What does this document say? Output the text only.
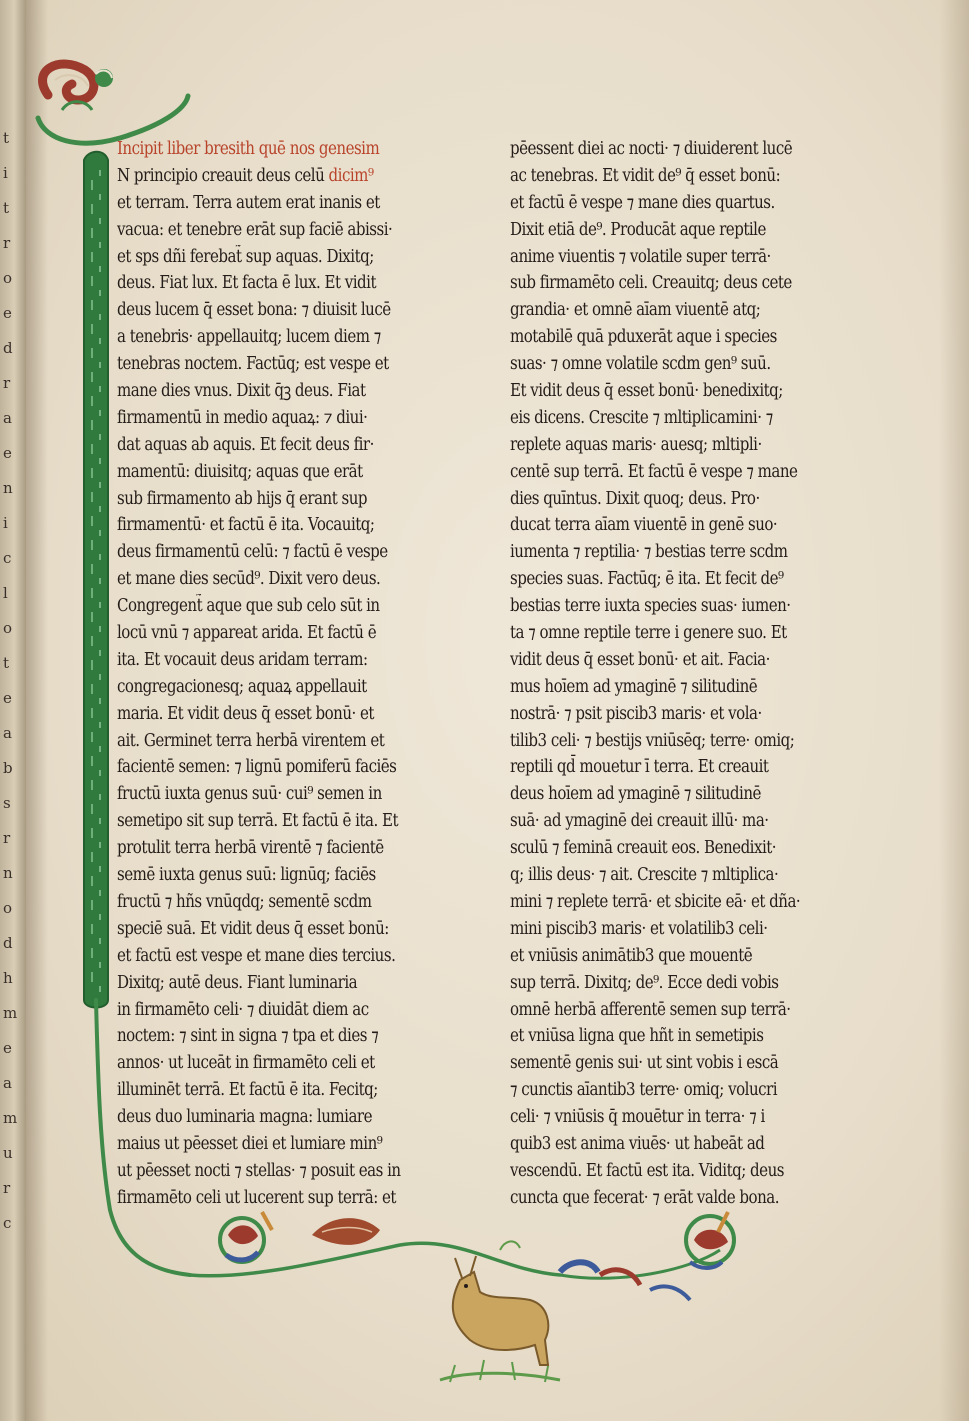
t
i
t
r
o
e
d
r
a
e
n
i
c
l
o
t
e
a
b
s
r
n
o
d
h
m
e
a
m
u
r
c
Incipit liber bresith quē nos genesim
N principio creauit deus celū dicim⁹
et terram. Terra autem erat inanis et
vacua: et tenebre erāt sup faciē abissi·
et sps dñi ferebat̃ sup aquas. Dixitq;
deus. Fiat lux. Et facta ē lux. Et vidit
deus lucem q̄ esset bona: ⁊ diuisit lucē
a tenebris· appellauitq; lucem diem ⁊
tenebras noctem. Factūq; est vespe et
mane dies vnus. Dixit q̄ꝫ deus. Fiat
firmamentū in medio aquaꝝ: ⁊ diui·
dat aquas ab aquis. Et fecit deus fir·
mamentū: diuisitq; aquas que erāt
sub firmamento ab hijs q̄ erant sup
firmamentū· et factū ē ita. Vocauitq;
deus firmamentū celū: ⁊ factū ē vespe
et mane dies secūd⁹. Dixit vero deus.
Congregent̃ aque que sub celo sūt in
locū vnū ⁊ appareat arida. Et factū ē
ita. Et vocauit deus aridam terram:
congregacionesq; aquaꝝ appellauit
maria. Et vidit deus q̄ esset bonū· et
ait. Germinet terra herbā virentem et
facientē semen: ⁊ lignū pomiferū faciēs
fructū iuxta genus suū· cui⁹ semen in
semetipo sit sup terrā. Et factū ē ita. Et
protulit terra herbā virentē ⁊ facientē
semē iuxta genus suū: lignūq; faciēs
fructū ⁊ hñs vnūqdq; sementē scdm
speciē suā. Et vidit deus q̄ esset bonū:
et factū est vespe et mane dies tercius.
Dixitq; autē deus. Fiant luminaria
in firmamēto celi· ⁊ diuidāt diem ac
noctem: ⁊ sint in signa ⁊ tpa et dies ⁊
annos· ut luceāt in firmamēto celi et
illuminēt terrā. Et factū ē ita. Fecitq;
deus duo luminaria magna: lumiare
maius ut pēesset diei et lumiare min⁹
ut pēesset nocti ⁊ stellas· ⁊ posuit eas in
firmamēto celi ut lucerent sup terrā: et
pēessent diei ac nocti· ⁊ diuiderent lucē
ac tenebras. Et vidit de⁹ q̄ esset bonū:
et factū ē vespe ⁊ mane dies quartus.
Dixit etiā de⁹. Producāt aque reptile
anime viuentis ⁊ volatile super terrā·
sub firmamēto celi. Creauitq; deus cete
grandia· et omnē aīam viuentē atq;
motabilē quā pduxerāt aque i species
suas· ⁊ omne volatile scdm gen⁹ suū.
Et vidit deus q̄ esset bonū· benedixitq;
eis dicens. Crescite ⁊ mltiplicamini· ⁊
replete aquas maris· auesq; mltipli·
centē sup terrā. Et factū ē vespe ⁊ mane
dies quīntus. Dixit quoq; deus. Pro·
ducat terra aīam viuentē in genē suo·
iumenta ⁊ reptilia· ⁊ bestias terre scdm
species suas. Factūq; ē ita. Et fecit de⁹
bestias terre iuxta species suas· iumen·
ta ⁊ omne reptile terre i genere suo. Et
vidit deus q̄ esset bonū· et ait. Facia·
mus hoīem ad ymaginē ⁊ silitudinē
nostrā· ⁊ psit piscib3 maris· et vola·
tilib3 celi· ⁊ bestijs vniūsēq; terre· omiq;
reptili qd̄ mouetur ī terra. Et creauit
deus hoīem ad ymaginē ⁊ silitudinē
suā· ad ymaginē dei creauit illū· ma·
sculū ⁊ feminā creauit eos. Benedixit·
q; illis deus· ⁊ ait. Crescite ⁊ mltiplica·
mini ⁊ replete terrā· et sbicite eā· et dña·
mini piscib3 maris· et volatilib3 celi·
et vniūsis animātib3 que mouentē
sup terrā. Dixitq; de⁹. Ecce dedi vobis
omnē herbā afferentē semen sup terrā·
et vniūsa ligna que hñt in semetipis
sementē genis sui· ut sint vobis i escā
⁊ cunctis aīantib3 terre· omiq; volucri
celi· ⁊ vniūsis q̄ mouētur in terra· ⁊ i
quib3 est anima viuēs· ut habeāt ad
vescendū. Et factū est ita. Viditq; deus
cuncta que fecerat· ⁊ erāt valde bona.
